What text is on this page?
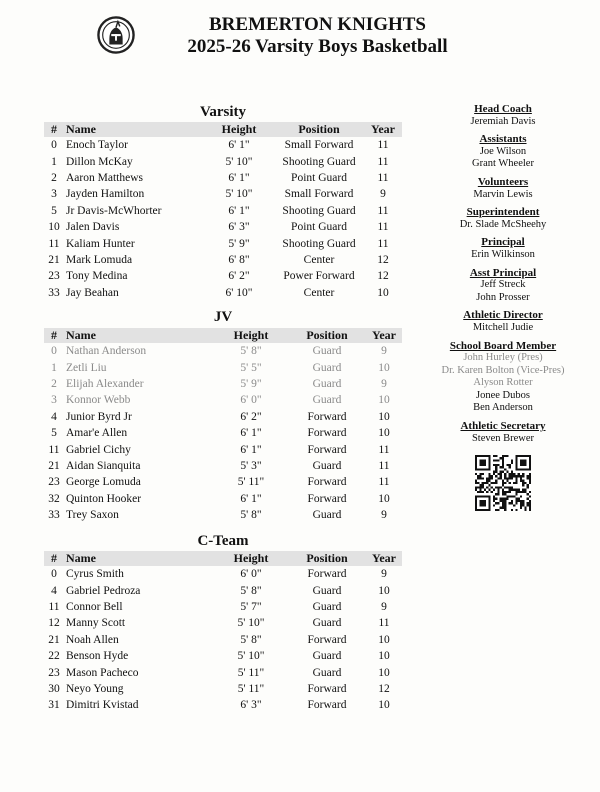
BREMERTON KNIGHTS
2025-26 Varsity Boys Basketball
Varsity
#	Name	Height	Position	Year
0	Enoch Taylor	6' 1"	Small Forward	11
1	Dillon McKay	5' 10"	Shooting Guard	11
2	Aaron Matthews	6' 1"	Point Guard	11
3	Jayden Hamilton	5' 10"	Small Forward	9
5	Jr Davis-McWhorter	6' 1"	Shooting Guard	11
10	Jalen Davis	6' 3"	Point Guard	11
11	Kaliam Hunter	5' 9"	Shooting Guard	11
21	Mark Lomuda	6' 8"	Center	12
23	Tony Medina	6' 2"	Power Forward	12
33	Jay Beahan	6' 10"	Center	10
JV
#	Name	Height	Position	Year
0	Nathan Anderson	5' 8"	Guard	9
1	Zetli Liu	5' 5"	Guard	10
2	Elijah Alexander	5' 9"	Guard	9
3	Konnor Webb	6' 0"	Guard	10
4	Junior Byrd Jr	6' 2"	Forward	10
5	Amar'e Allen	6' 1"	Forward	10
11	Gabriel Cichy	6' 1"	Forward	11
21	Aidan Sianquita	5' 3"	Guard	11
23	George Lomuda	5' 11"	Forward	11
32	Quinton Hooker	6' 1"	Forward	10
33	Trey Saxon	5' 8"	Guard	9
C-Team
#	Name	Height	Position	Year
0	Cyrus Smith	6' 0"	Forward	9
4	Gabriel Pedroza	5' 8"	Guard	10
11	Connor Bell	5' 7"	Guard	9
12	Manny Scott	5' 10"	Guard	11
21	Noah Allen	5' 8"	Forward	10
22	Benson Hyde	5' 10"	Guard	10
23	Mason Pacheco	5' 11"	Guard	10
30	Neyo Young	5' 11"	Forward	12
31	Dimitri Kvistad	6' 3"	Forward	10
Head Coach
Jeremiah Davis
Assistants
Joe Wilson
Grant Wheeler
Volunteers
Marvin Lewis
Superintendent
Dr. Slade McSheehy
Principal
Erin Wilkinson
Asst Principal
Jeff Streck
John Prosser
Athletic Director
Mitchell Judie
School Board Member
John Hurley (Pres)
Dr. Karen Bolton (Vice-Pres)
Alyson Rotter
Jonee Dubos
Ben Anderson
Athletic Secretary
Steven Brewer
